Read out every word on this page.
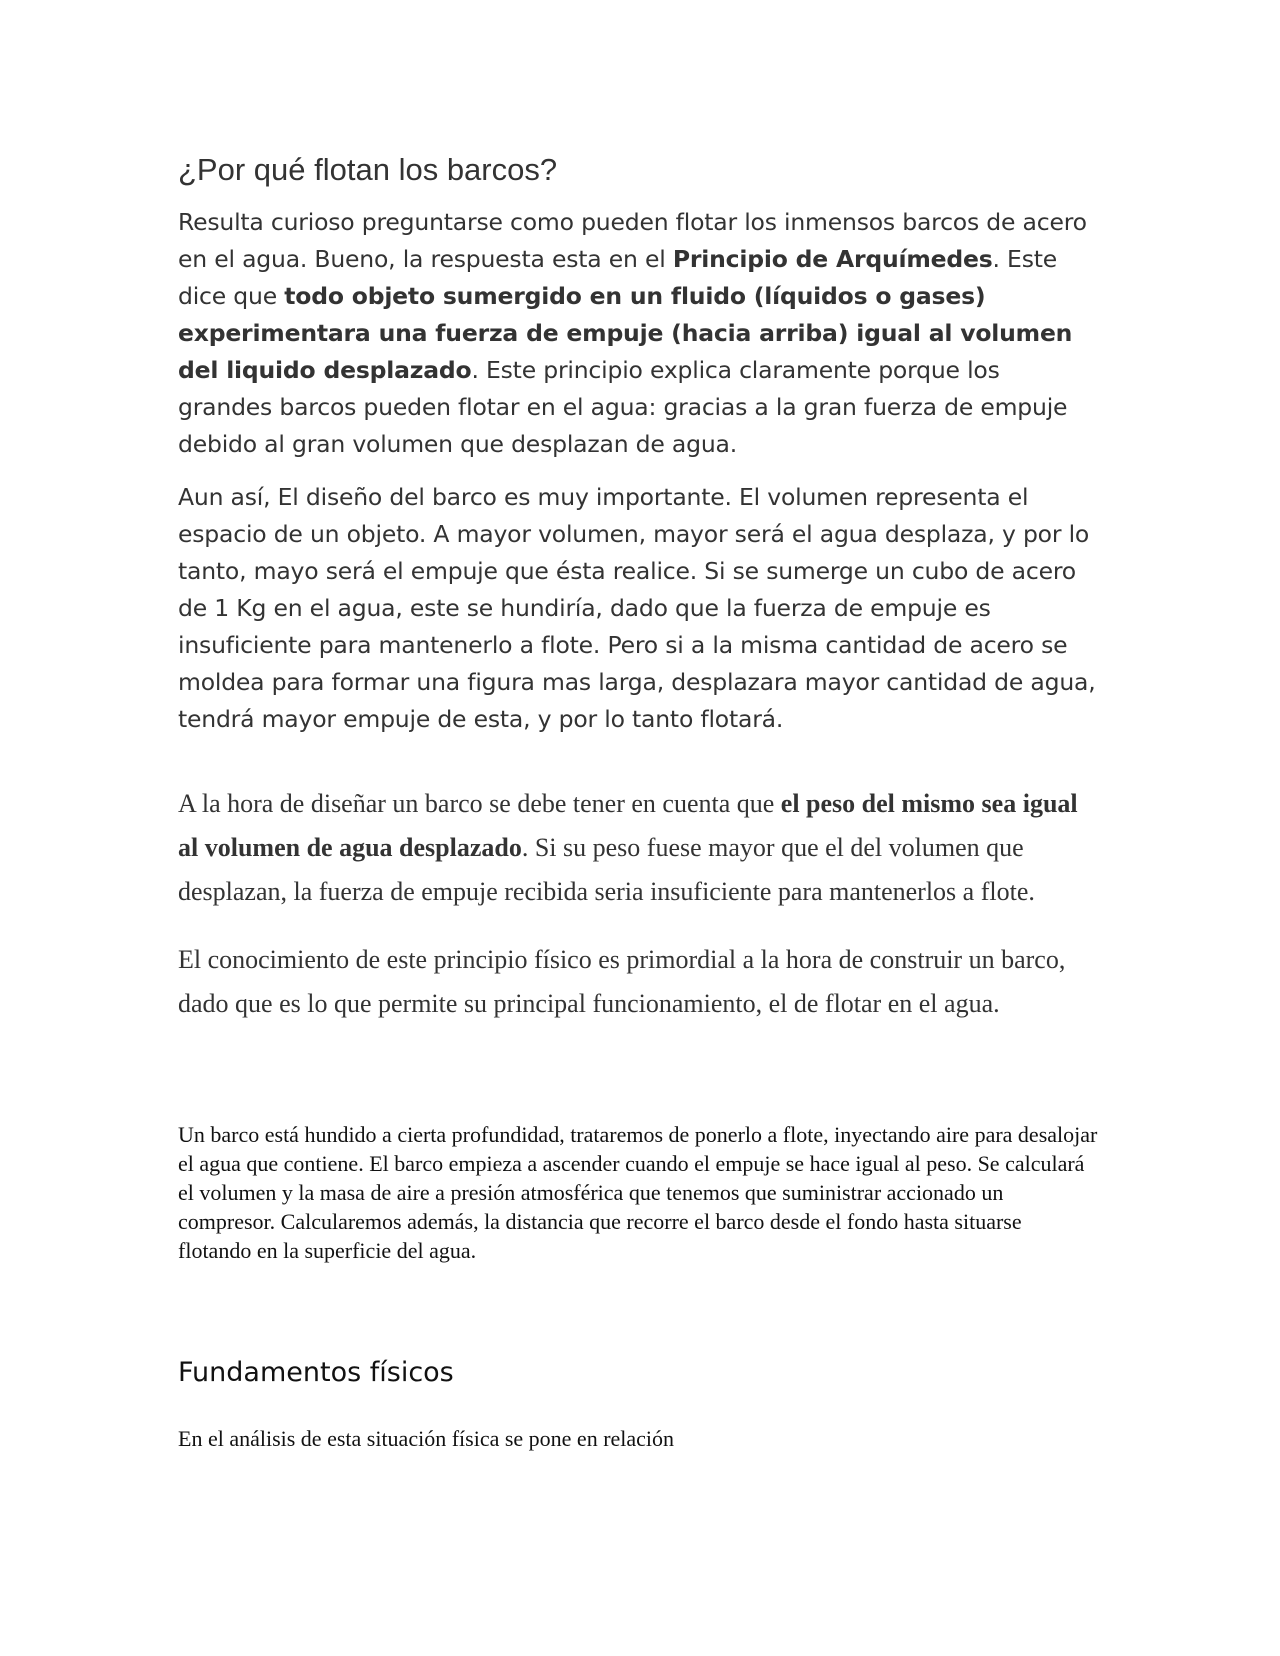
¿Por qué flotan los barcos?

Resulta curioso preguntarse como pueden flotar los inmensos barcos de acero en el agua. Bueno, la respuesta esta en el Principio de Arquímedes. Este dice que todo objeto sumergido en un fluido (líquidos o gases) experimentara una fuerza de empuje (hacia arriba) igual al volumen del liquido desplazado. Este principio explica claramente porque los grandes barcos pueden flotar en el agua: gracias a la gran fuerza de empuje debido al gran volumen que desplazan de agua.

Aun así, El diseño del barco es muy importante. El volumen representa el espacio de un objeto. A mayor volumen, mayor será el agua desplaza, y por lo tanto, mayo será el empuje que ésta realice. Si se sumerge un cubo de acero de 1 Kg en el agua, este se hundiría, dado que la fuerza de empuje es insuficiente para mantenerlo a flote. Pero si a la misma cantidad de acero se moldea para formar una figura mas larga, desplazara mayor cantidad de agua, tendrá mayor empuje de esta, y por lo tanto flotará.

A la hora de diseñar un barco se debe tener en cuenta que el peso del mismo sea igual al volumen de agua desplazado. Si su peso fuese mayor que el del volumen que desplazan, la fuerza de empuje recibida seria insuficiente para mantenerlos a flote.

El conocimiento de este principio físico es primordial a la hora de construir un barco, dado que es lo que permite su principal funcionamiento, el de flotar en el agua.

Un barco está hundido a cierta profundidad, trataremos de ponerlo a flote, inyectando aire para desalojar el agua que contiene. El barco empieza a ascender cuando el empuje se hace igual al peso. Se calculará el volumen y la masa de aire a presión atmosférica que tenemos que suministrar accionado un compresor. Calcularemos además, la distancia que recorre el barco desde el fondo hasta situarse flotando en la superficie del agua.

Fundamentos físicos

En el análisis de esta situación física se pone en relación
